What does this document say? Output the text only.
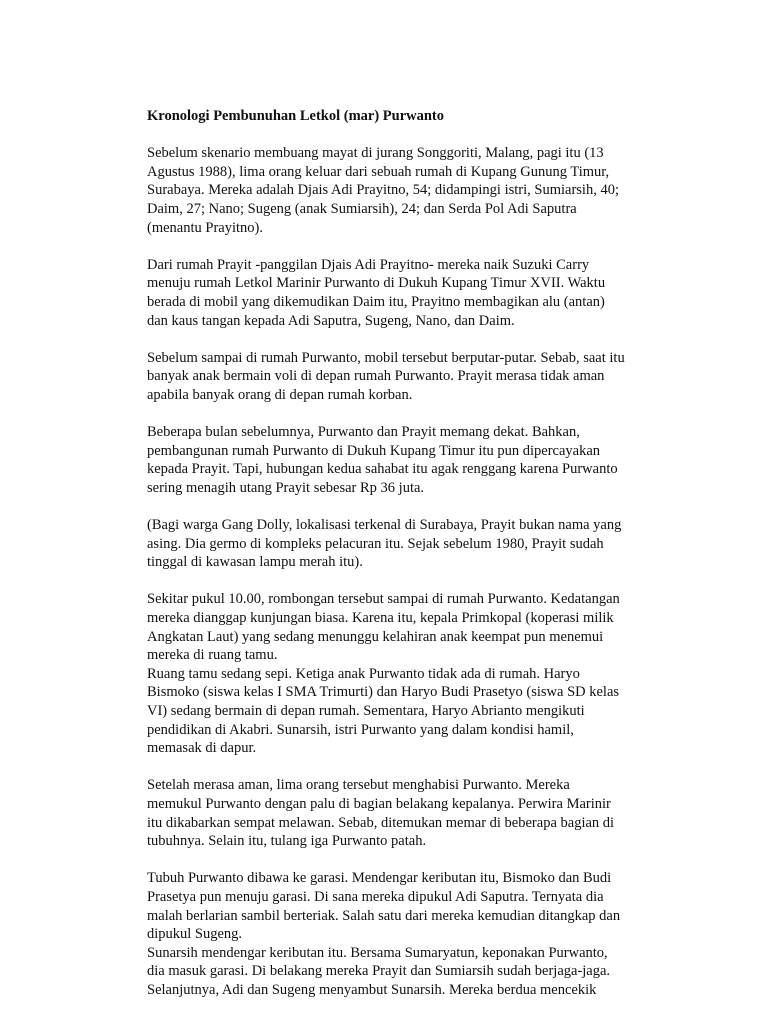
Kronologi Pembunuhan Letkol (mar) Purwanto
Sebelum skenario membuang mayat di jurang Songgoriti, Malang, pagi itu (13
Agustus 1988), lima orang keluar dari sebuah rumah di Kupang Gunung Timur,
Surabaya. Mereka adalah Djais Adi Prayitno, 54; didampingi istri, Sumiarsih, 40;
Daim, 27; Nano; Sugeng (anak Sumiarsih), 24; dan Serda Pol Adi Saputra
(menantu Prayitno).
Dari rumah Prayit -panggilan Djais Adi Prayitno- mereka naik Suzuki Carry
menuju rumah Letkol Marinir Purwanto di Dukuh Kupang Timur XVII. Waktu
berada di mobil yang dikemudikan Daim itu, Prayitno membagikan alu (antan)
dan kaus tangan kepada Adi Saputra, Sugeng, Nano, dan Daim.
Sebelum sampai di rumah Purwanto, mobil tersebut berputar-putar. Sebab, saat itu
banyak anak bermain voli di depan rumah Purwanto. Prayit merasa tidak aman
apabila banyak orang di depan rumah korban.
Beberapa bulan sebelumnya, Purwanto dan Prayit memang dekat. Bahkan,
pembangunan rumah Purwanto di Dukuh Kupang Timur itu pun dipercayakan
kepada Prayit. Tapi, hubungan kedua sahabat itu agak renggang karena Purwanto
sering menagih utang Prayit sebesar Rp 36 juta.
(Bagi warga Gang Dolly, lokalisasi terkenal di Surabaya, Prayit bukan nama yang
asing. Dia germo di kompleks pelacuran itu. Sejak sebelum 1980, Prayit sudah
tinggal di kawasan lampu merah itu).
Sekitar pukul 10.00, rombongan tersebut sampai di rumah Purwanto. Kedatangan
mereka dianggap kunjungan biasa. Karena itu, kepala Primkopal (koperasi milik
Angkatan Laut) yang sedang menunggu kelahiran anak keempat pun menemui
mereka di ruang tamu.
Ruang tamu sedang sepi. Ketiga anak Purwanto tidak ada di rumah. Haryo
Bismoko (siswa kelas I SMA Trimurti) dan Haryo Budi Prasetyo (siswa SD kelas
VI) sedang bermain di depan rumah. Sementara, Haryo Abrianto mengikuti
pendidikan di Akabri. Sunarsih, istri Purwanto yang dalam kondisi hamil,
memasak di dapur.
Setelah merasa aman, lima orang tersebut menghabisi Purwanto. Mereka
memukul Purwanto dengan palu di bagian belakang kepalanya. Perwira Marinir
itu dikabarkan sempat melawan. Sebab, ditemukan memar di beberapa bagian di
tubuhnya. Selain itu, tulang iga Purwanto patah.
Tubuh Purwanto dibawa ke garasi. Mendengar keributan itu, Bismoko dan Budi
Prasetya pun menuju garasi. Di sana mereka dipukul Adi Saputra. Ternyata dia
malah berlarian sambil berteriak. Salah satu dari mereka kemudian ditangkap dan
dipukul Sugeng.
Sunarsih mendengar keributan itu. Bersama Sumaryatun, keponakan Purwanto,
dia masuk garasi. Di belakang mereka Prayit dan Sumiarsih sudah berjaga-jaga.
Selanjutnya, Adi dan Sugeng menyambut Sunarsih. Mereka berdua mencekik
